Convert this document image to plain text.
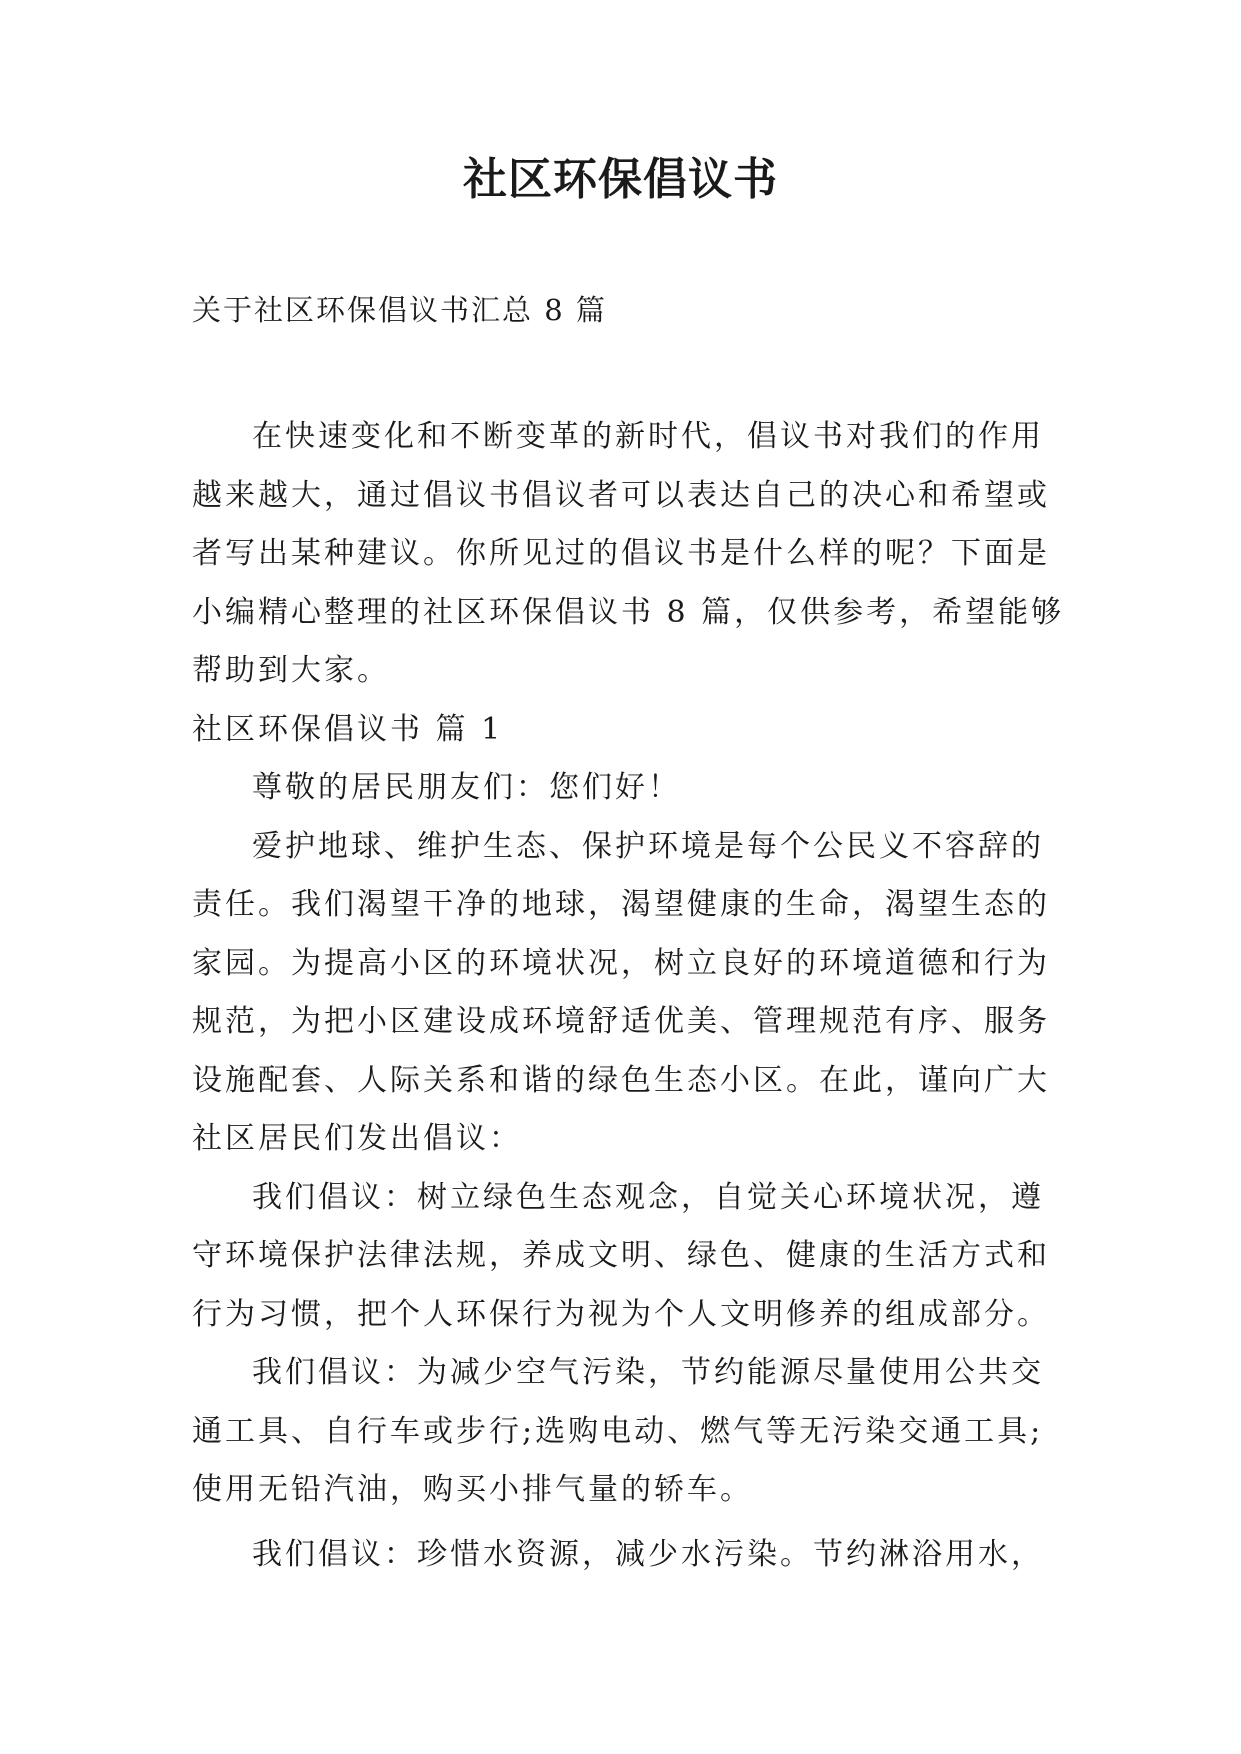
社区环保倡议书
关于社区环保倡议书汇总 8 篇

在快速变化和不断变革的新时代，倡议书对我们的作用越来越大，通过倡议书倡议者可以表达自己的决心和希望或者写出某种建议。你所见过的倡议书是什么样的呢？下面是小编精心整理的社区环保倡议书 8 篇，仅供参考，希望能够帮助到大家。

社区环保倡议书 篇 1

尊敬的居民朋友们：您们好！

爱护地球、维护生态、保护环境是每个公民义不容辞的责任。我们渴望干净的地球，渴望健康的生命，渴望生态的家园。为提高小区的环境状况，树立良好的环境道德和行为规范，为把小区建设成环境舒适优美、管理规范有序、服务设施配套、人际关系和谐的绿色生态小区。在此，谨向广大社区居民们发出倡议：

我们倡议：树立绿色生态观念，自觉关心环境状况，遵守环境保护法律法规，养成文明、绿色、健康的生活方式和行为习惯，把个人环保行为视为个人文明修养的组成部分。

我们倡议：为减少空气污染，节约能源尽量使用公共交通工具、自行车或步行;选购电动、燃气等无污染交通工具;使用无铅汽油，购买小排气量的轿车。

我们倡议：珍惜水资源，减少水污染。节约淋浴用水，
